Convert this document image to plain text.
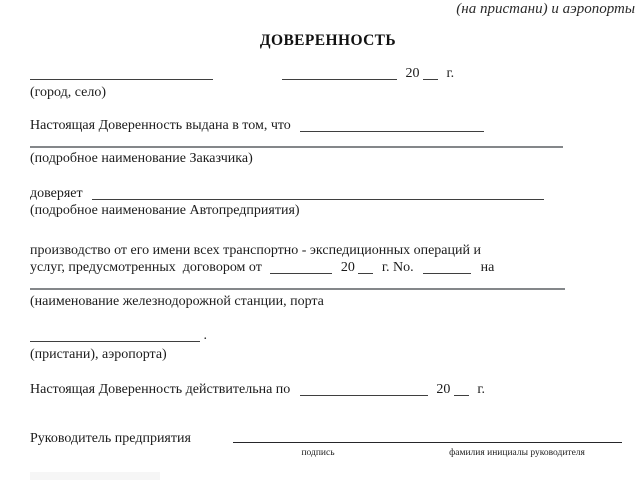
(на пристани) и аэропорты
ДОВЕРЕННОСТЬ
20 г.
(город, село)
Настоящая Доверенность выдана в том, что
(подробное наименование Заказчика)
доверяет
(подробное наименование Автопредприятия)
производство от его имени всех транспортно - экспедиционных операций и
услуг, предусмотренных  договором от	20 г. No.	на
(наименование железнодорожной станции, порта
.
(пристани), аэропорта)
Настоящая Доверенность действительна по	20 г.
Руководитель предприятия
подпись	фамилия инициалы руководителя
